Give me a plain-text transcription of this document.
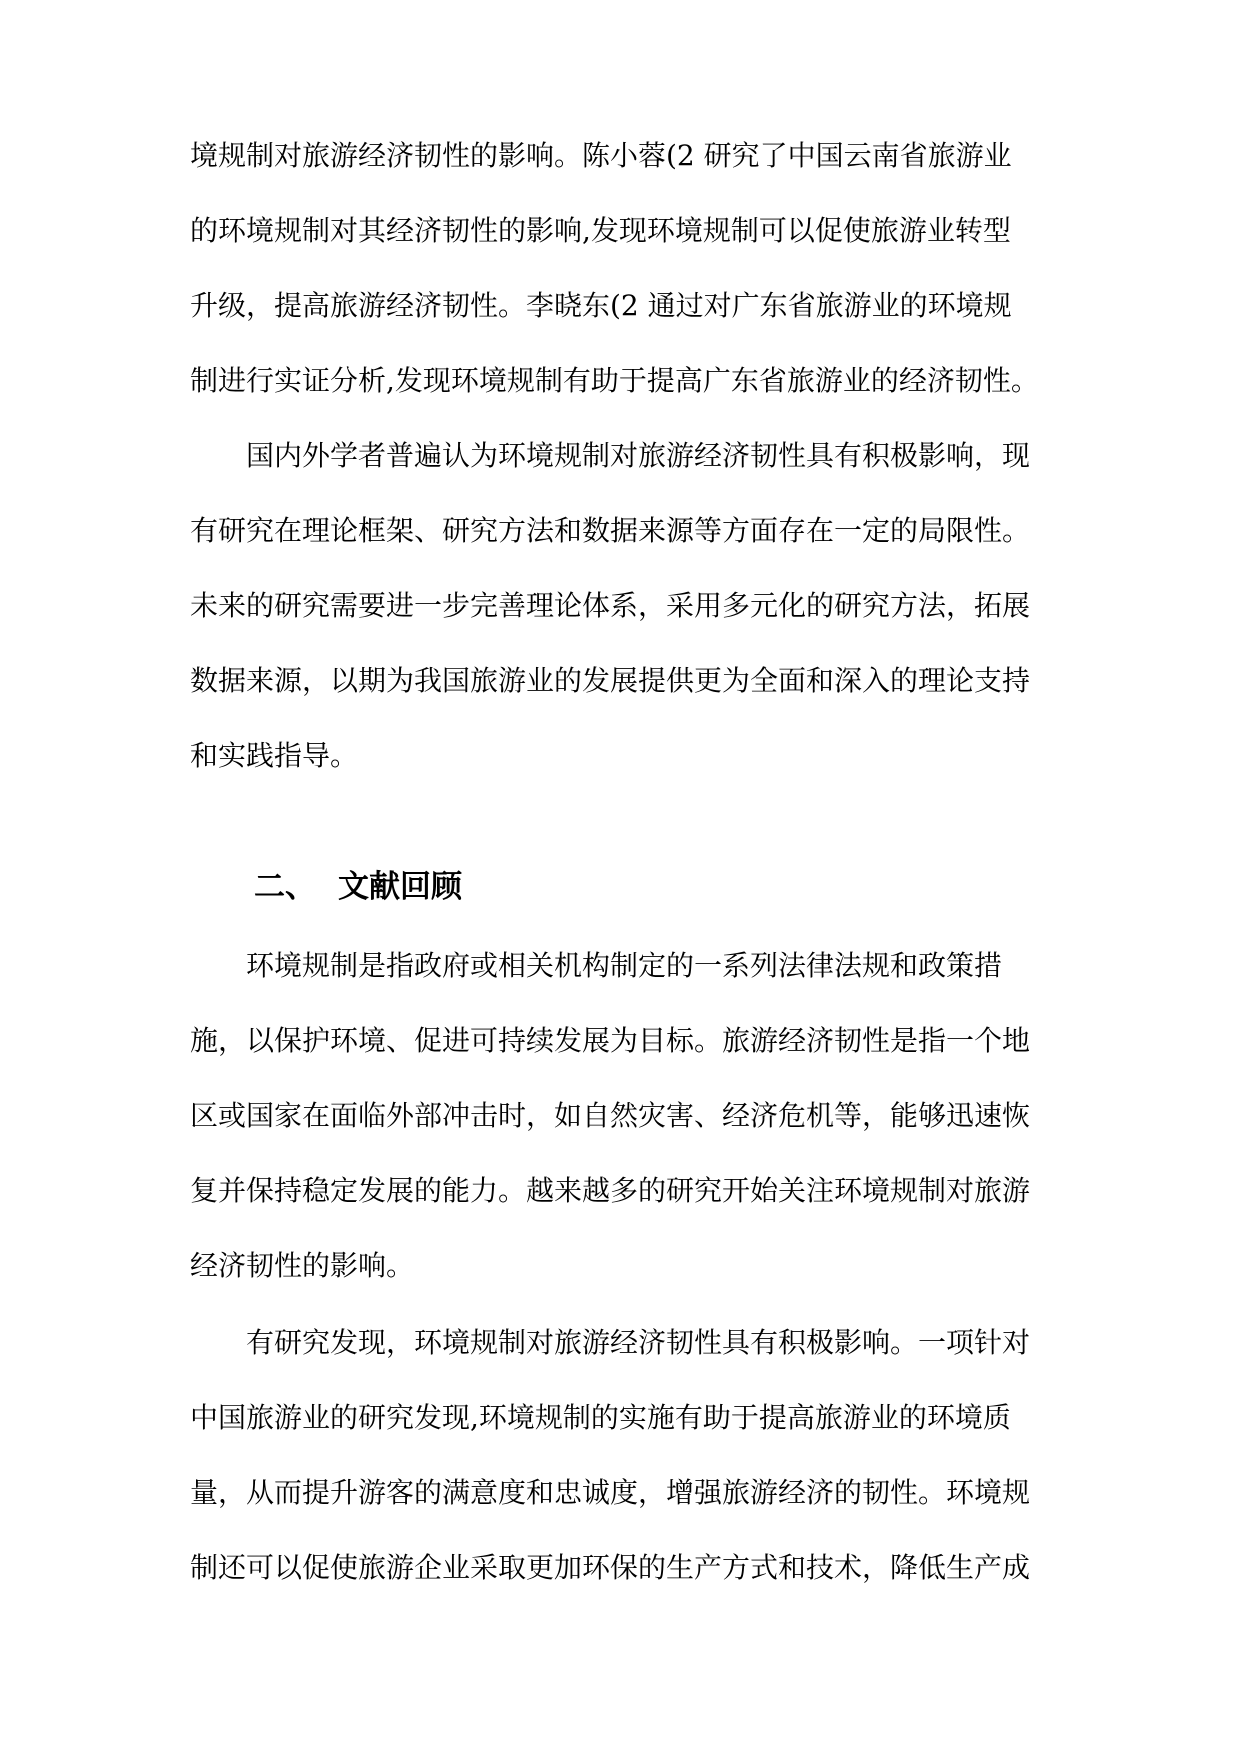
境规制对旅游经济韧性的影响。陈小蓉(2 研究了中国云南省旅游业
的环境规制对其经济韧性的影响,发现环境规制可以促使旅游业转型
升级，提高旅游经济韧性。李晓东(2 通过对广东省旅游业的环境规
制进行实证分析,发现环境规制有助于提高广东省旅游业的经济韧性。
国内外学者普遍认为环境规制对旅游经济韧性具有积极影响，现
有研究在理论框架、研究方法和数据来源等方面存在一定的局限性。
未来的研究需要进一步完善理论体系，采用多元化的研究方法，拓展
数据来源，以期为我国旅游业的发展提供更为全面和深入的理论支持
和实践指导。
二、 文献回顾
环境规制是指政府或相关机构制定的一系列法律法规和政策措
施，以保护环境、促进可持续发展为目标。旅游经济韧性是指一个地
区或国家在面临外部冲击时，如自然灾害、经济危机等，能够迅速恢
复并保持稳定发展的能力。越来越多的研究开始关注环境规制对旅游
经济韧性的影响。
有研究发现，环境规制对旅游经济韧性具有积极影响。一项针对
中国旅游业的研究发现,环境规制的实施有助于提高旅游业的环境质
量，从而提升游客的满意度和忠诚度，增强旅游经济的韧性。环境规
制还可以促使旅游企业采取更加环保的生产方式和技术，降低生产成
